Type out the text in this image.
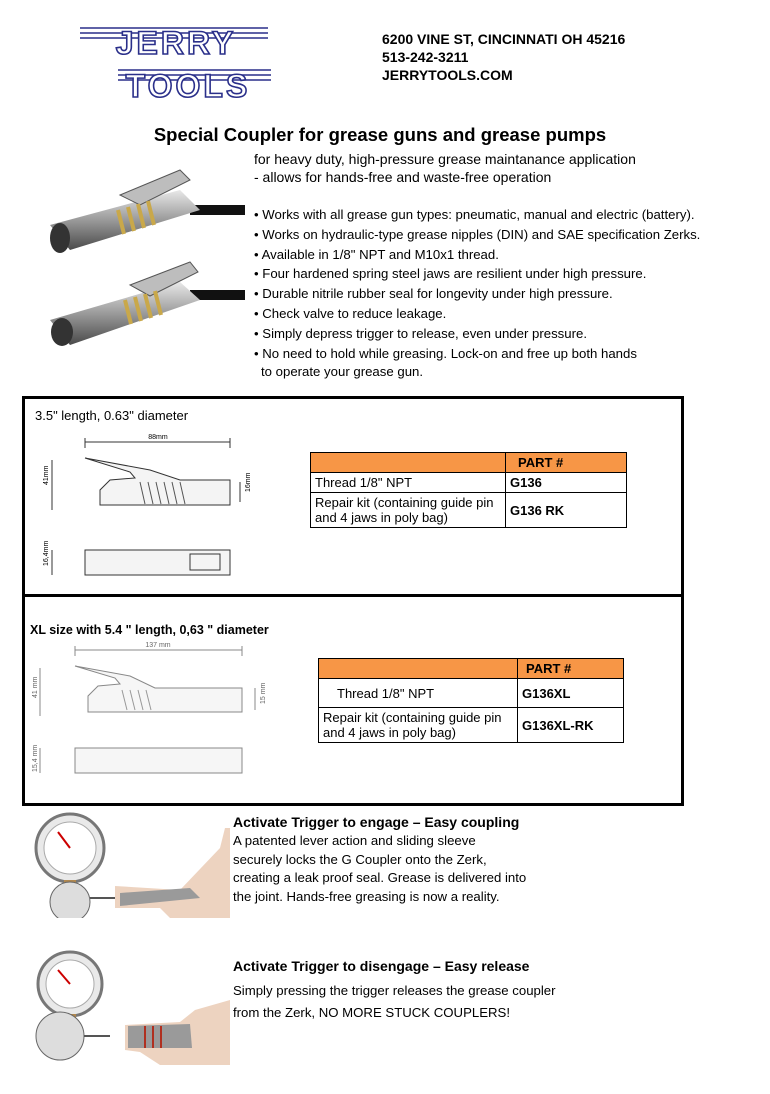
JERRY
TOOLS
6200 VINE ST, CINCINNATI OH 45216
513-242-3211
JERRYTOOLS.COM
Special Coupler for grease guns and grease pumps
for heavy duty, high-pressure grease maintanance application
- allows for hands-free and waste-free operation
• Works with all grease gun types: pneumatic, manual and electric (battery).
• Works on hydraulic-type grease nipples (DIN) and SAE specification Zerks.
• Available in 1/8" NPT and M10x1 thread.
• Four hardened spring steel jaws are resilient under high pressure.
• Durable nitrile rubber seal for longevity under high pressure.
• Check valve to reduce leakage.
• Simply depress trigger to release, even under pressure.
• No need to hold while greasing. Lock-on and free up both hands
to operate your grease gun.
3.5" length, 0.63" diameter
88mm
41mm	16mm
16,4mm
	PART #
Thread 1/8" NPT	G136
Repair kit (containing guide pin and 4 jaws in poly bag)	G136 RK
XL size with 5.4 " length, 0,63 " diameter
137 mm
41 mm	15 mm
15,4 mm
	PART #
Thread 1/8" NPT	G136XL
Repair kit (containing guide pin and 4 jaws in poly bag)	G136XL-RK
Activate Trigger to engage – Easy coupling
A patented lever action and sliding sleeve
securely locks the G Coupler onto the Zerk,
creating a leak proof seal. Grease is delivered into
the joint. Hands-free greasing is now a reality.
Activate Trigger to disengage – Easy release
Simply pressing the trigger releases the grease coupler
from the Zerk, NO MORE STUCK COUPLERS!
